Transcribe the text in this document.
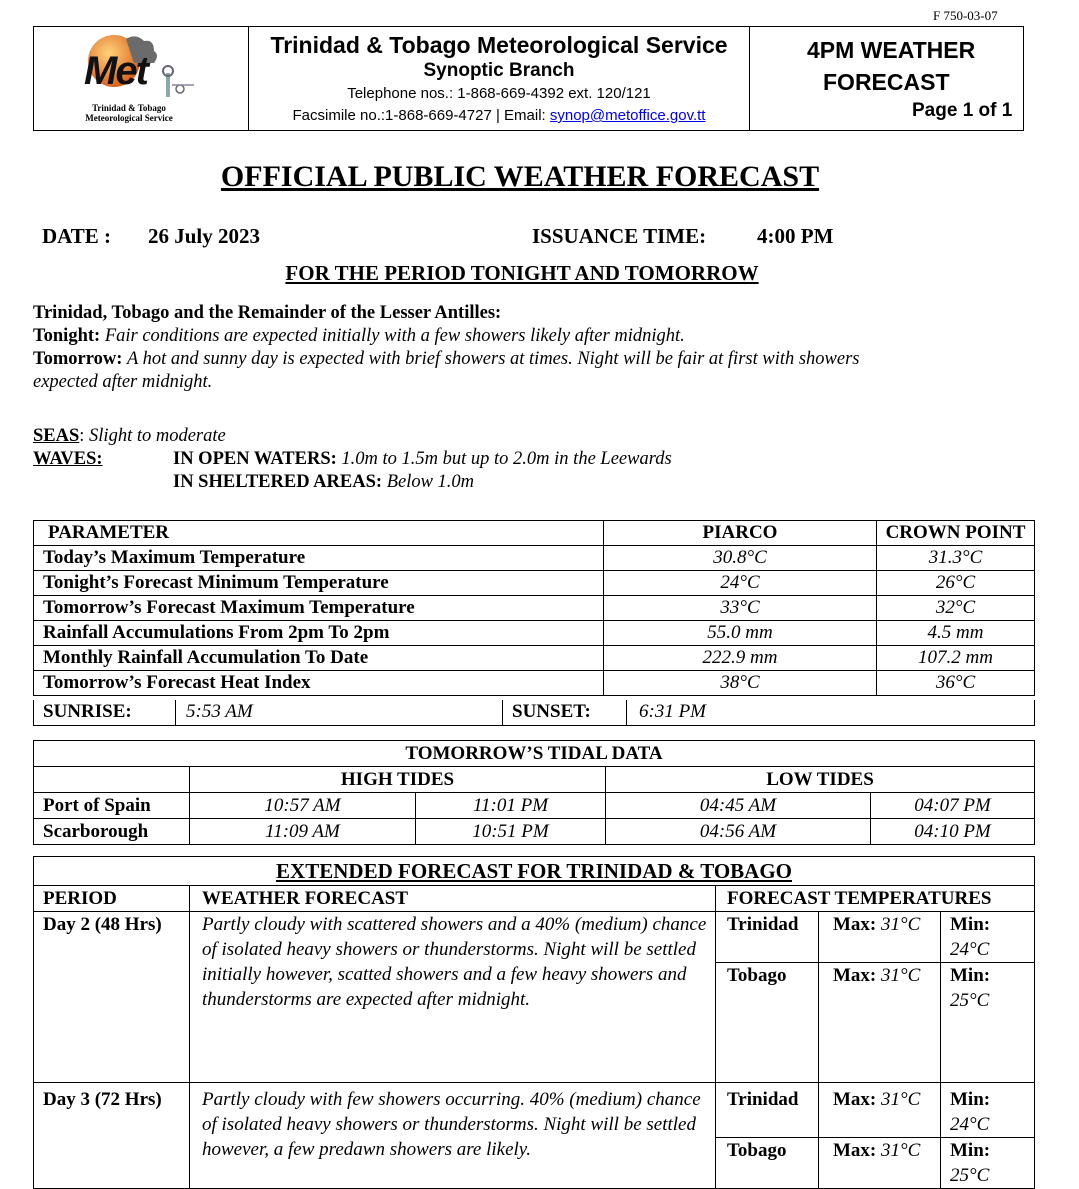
F 750-03-07
Met
Trinidad & Tobago
Meteorological Service
Trinidad & Tobago Meteorological Service
Synoptic Branch
Telephone nos.: 1-868-669-4392 ext. 120/121
Facsimile no.:1-868-669-4727 | Email: synop@metoffice.gov.tt
4PM WEATHER
FORECAST
Page 1 of 1
OFFICIAL PUBLIC WEATHER FORECAST
DATE : 26 July 2023	ISSUANCE TIME: 4:00 PM
FOR THE PERIOD TONIGHT AND TOMORROW
Trinidad, Tobago and the Remainder of the Lesser Antilles:
Tonight: Fair conditions are expected initially with a few showers likely after midnight.
Tomorrow: A hot and sunny day is expected with brief showers at times. Night will be fair at first with showers
expected after midnight.
SEAS: Slight to moderate
WAVES:	IN OPEN WATERS: 1.0m to 1.5m but up to 2.0m in the Leewards
IN SHELTERED AREAS: Below 1.0m
PARAMETER	PIARCO	CROWN POINT
Today’s Maximum Temperature	30.8°C	31.3°C
Tonight’s Forecast Minimum Temperature	24°C	26°C
Tomorrow’s Forecast Maximum Temperature	33°C	32°C
Rainfall Accumulations From 2pm To 2pm	55.0 mm	4.5 mm
Monthly Rainfall Accumulation To Date	222.9 mm	107.2 mm
Tomorrow’s Forecast Heat Index	38°C	36°C
SUNRISE:	5:53 AM	SUNSET:	6:31 PM
TOMORROW’S TIDAL DATA				
	HIGH TIDES		LOW TIDES	
Port of Spain	10:57 AM	11:01 PM	04:45 AM	04:07 PM
Scarborough	11:09 AM	10:51 PM	04:56 AM	04:10 PM
EXTENDED FORECAST FOR TRINIDAD & TOBAGO				
PERIOD	WEATHER FORECAST	FORECAST TEMPERATURES		
Day 2 (48 Hrs)	Partly cloudy with scattered showers and a 40% (medium) chance of isolated heavy showers or thunderstorms. Night will be settled initially however, scatted showers and a few heavy showers and thunderstorms are expected after midnight.	Trinidad	Max: 31°C	Min: 24°C
		Tobago	Max: 31°C	Min: 25°C
Day 3 (72 Hrs)	Partly cloudy with few showers occurring. 40% (medium) chance of isolated heavy showers or thunderstorms. Night will be settled however, a few predawn showers are likely.	Trinidad	Max: 31°C	Min: 24°C
		Tobago	Max: 31°C	Min: 25°C
